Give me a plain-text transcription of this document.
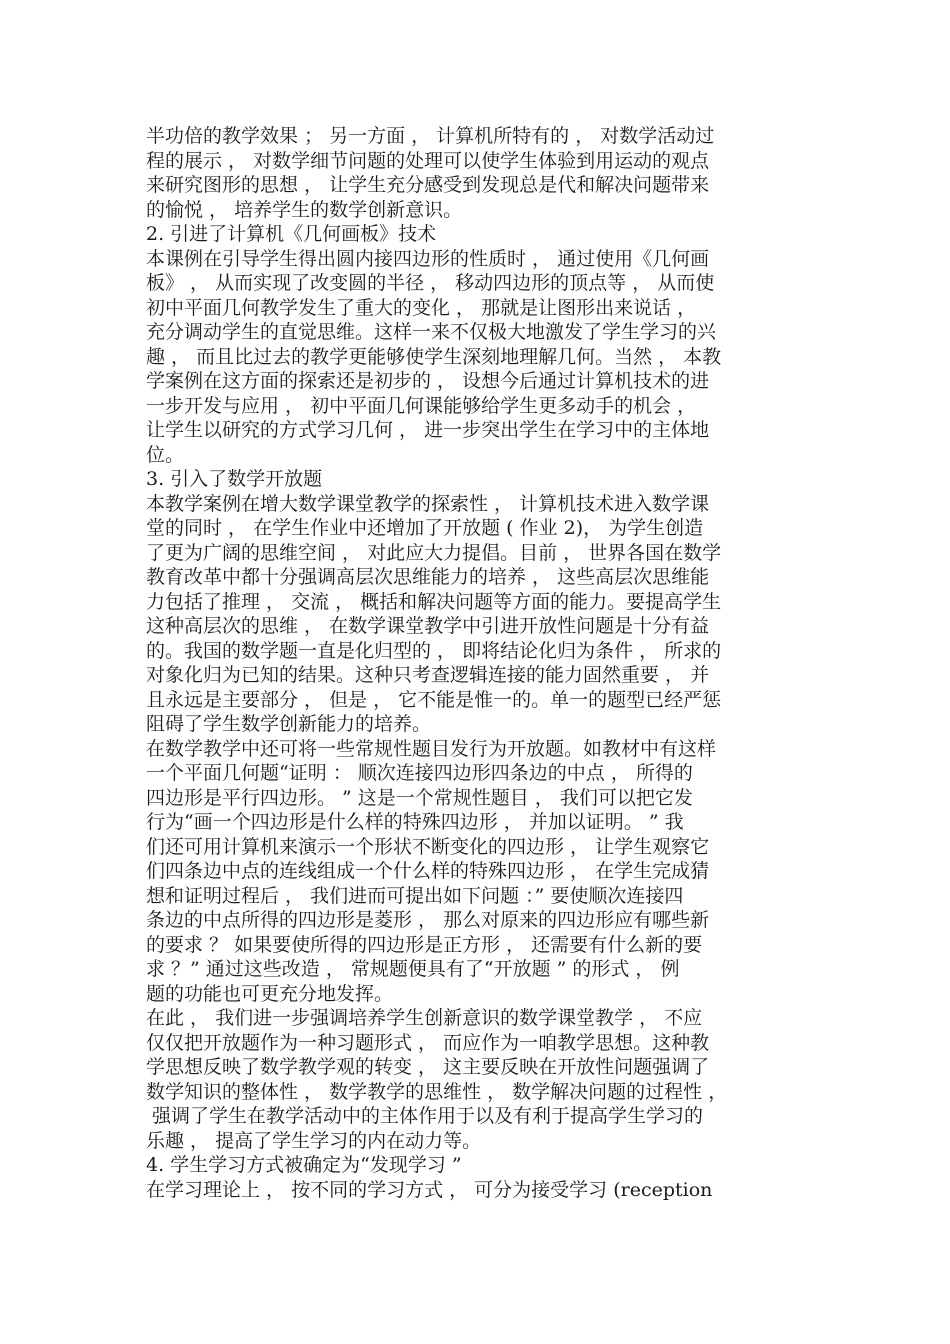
半功倍的教学效果 ； 另一方面 ， 计算机所特有的 ， 对数学活动过
程的展示 ， 对数学细节问题的处理可以使学生体验到用运动的观点
来研究图形的思想 ， 让学生充分感受到发现总是代和解决问题带来
的愉悦 ， 培养学生的数学创新意识。
2. 引进了计算机《几何画板》技术
本课例在引导学生得出圆内接四边形的性质时 ， 通过使用《几何画
板》 ， 从而实现了改变圆的半径 ， 移动四边形的顶点等 ， 从而使
初中平面几何教学发生了重大的变化 ， 那就是让图形出来说话 ，
充分调动学生的直觉思维。这样一来不仅极大地激发了学生学习的兴
趣 ， 而且比过去的教学更能够使学生深刻地理解几何。当然 ， 本教
学案例在这方面的探索还是初步的 ， 设想今后通过计算机技术的进
一步开发与应用 ， 初中平面几何课能够给学生更多动手的机会 ，
让学生以研究的方式学习几何 ， 进一步突出学生在学习中的主体地
位。
3. 引入了数学开放题
本教学案例在增大数学课堂教学的探索性 ， 计算机技术进入数学课
堂的同时 ， 在学生作业中还增加了开放题 ( 作业 2)， 为学生创造
了更为广阔的思维空间 ， 对此应大力提倡。目前 ， 世界各国在数学
教育改革中都十分强调高层次思维能力的培养 ， 这些高层次思维能
力包括了推理 ， 交流 ， 概括和解决问题等方面的能力。要提高学生
这种高层次的思维 ， 在数学课堂教学中引进开放性问题是十分有益
的。我国的数学题一直是化归型的 ， 即将结论化归为条件 ， 所求的
对象化归为已知的结果。这种只考查逻辑连接的能力固然重要 ， 并
且永远是主要部分 ， 但是 ， 它不能是惟一的。单一的题型已经严惩
阻碍了学生数学创新能力的培养。
在数学教学中还可将一些常规性题目发行为开放题。如教材中有这样
一个平面几何题“证明 ： 顺次连接四边形四条边的中点 ， 所得的
四边形是平行四边形。 ” 这是一个常规性题目 ， 我们可以把它发
行为“画一个四边形是什么样的特殊四边形 ， 并加以证明。 ” 我
们还可用计算机来演示一个形状不断变化的四边形 ， 让学生观察它
们四条边中点的连线组成一个什么样的特殊四边形 ， 在学生完成猜
想和证明过程后 ， 我们进而可提出如下问题 ：” 要使顺次连接四
条边的中点所得的四边形是菱形 ， 那么对原来的四边形应有哪些新
的要求 ？ 如果要使所得的四边形是正方形 ， 还需要有什么新的要
求 ？” 通过这些改造 ， 常规题便具有了“开放题 ” 的形式 ， 例
题的功能也可更充分地发挥。
在此 ， 我们进一步强调培养学生创新意识的数学课堂教学 ， 不应
仅仅把开放题作为一种习题形式 ， 而应作为一咱教学思想。这种教
学思想反映了数学教学观的转变 ， 这主要反映在开放性问题强调了
数学知识的整体性 ， 数学教学的思维性 ， 数学解决问题的过程性 ，
强调了学生在教学活动中的主体作用于以及有利于提高学生学习的
乐趣 ， 提高了学生学习的内在动力等。
4. 学生学习方式被确定为“发现学习 ”
在学习理论上 ， 按不同的学习方式 ， 可分为接受学习 (reception
